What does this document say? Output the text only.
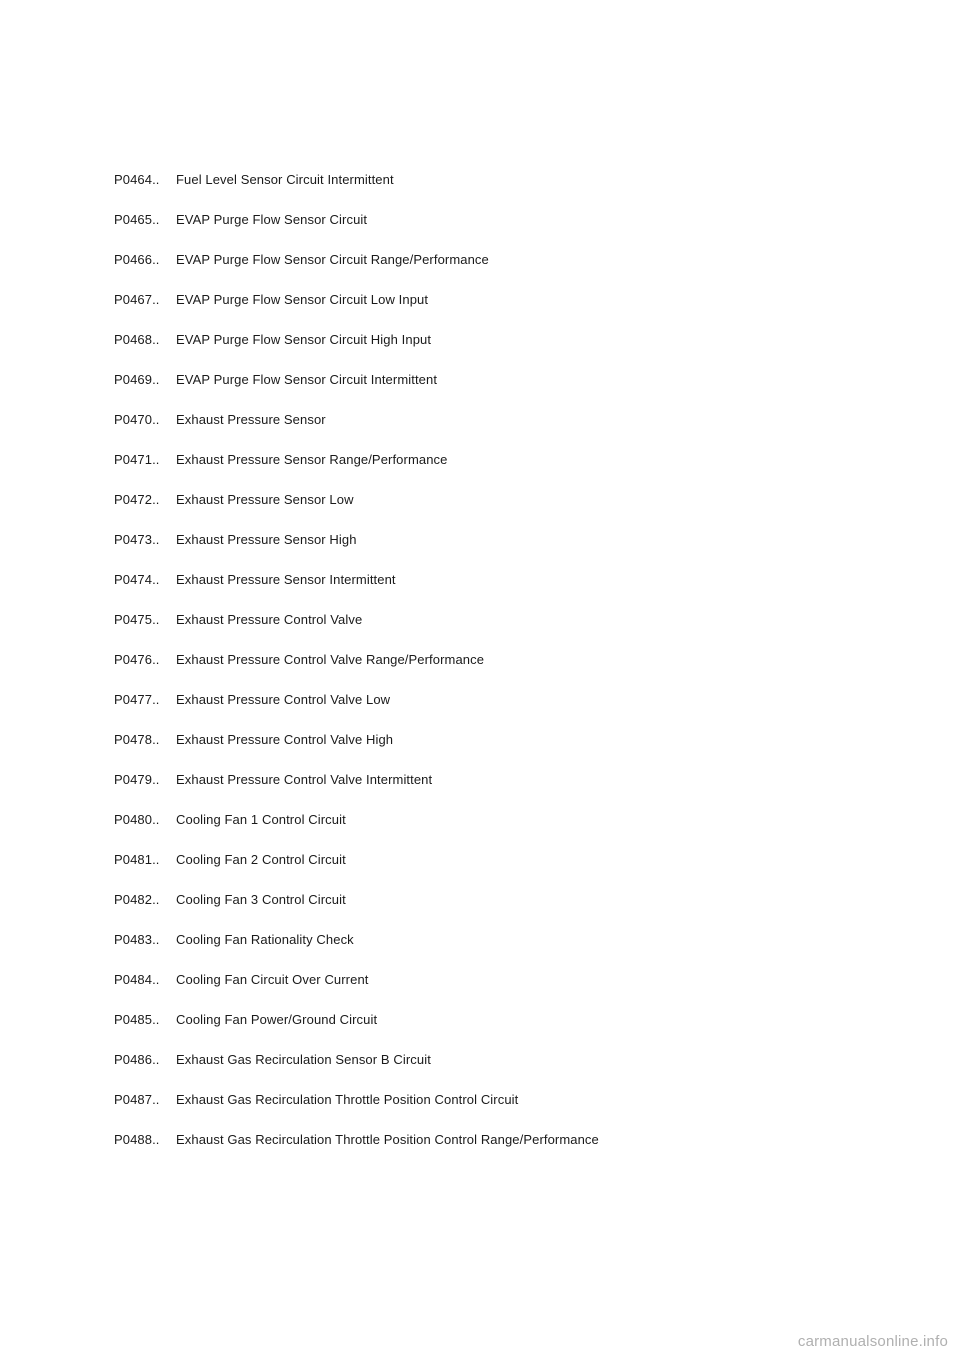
P0464..	Fuel Level Sensor Circuit Intermittent
P0465..	EVAP Purge Flow Sensor Circuit
P0466..	EVAP Purge Flow Sensor Circuit Range/Performance
P0467..	EVAP Purge Flow Sensor Circuit Low Input
P0468..	EVAP Purge Flow Sensor Circuit High Input
P0469..	EVAP Purge Flow Sensor Circuit Intermittent
P0470..	Exhaust Pressure Sensor
P0471..	Exhaust Pressure Sensor Range/Performance
P0472..	Exhaust Pressure Sensor Low
P0473..	Exhaust Pressure Sensor High
P0474..	Exhaust Pressure Sensor Intermittent
P0475..	Exhaust Pressure Control Valve
P0476..	Exhaust Pressure Control Valve Range/Performance
P0477..	Exhaust Pressure Control Valve Low
P0478..	Exhaust Pressure Control Valve High
P0479..	Exhaust Pressure Control Valve Intermittent
P0480..	Cooling Fan 1 Control Circuit
P0481..	Cooling Fan 2 Control Circuit
P0482..	Cooling Fan 3 Control Circuit
P0483..	Cooling Fan Rationality Check
P0484..	Cooling Fan Circuit Over Current
P0485..	Cooling Fan Power/Ground Circuit
P0486..	Exhaust Gas Recirculation Sensor B Circuit
P0487..	Exhaust Gas Recirculation Throttle Position Control Circuit
P0488..	Exhaust Gas Recirculation Throttle Position Control Range/Performance
carmanualsonline.info
